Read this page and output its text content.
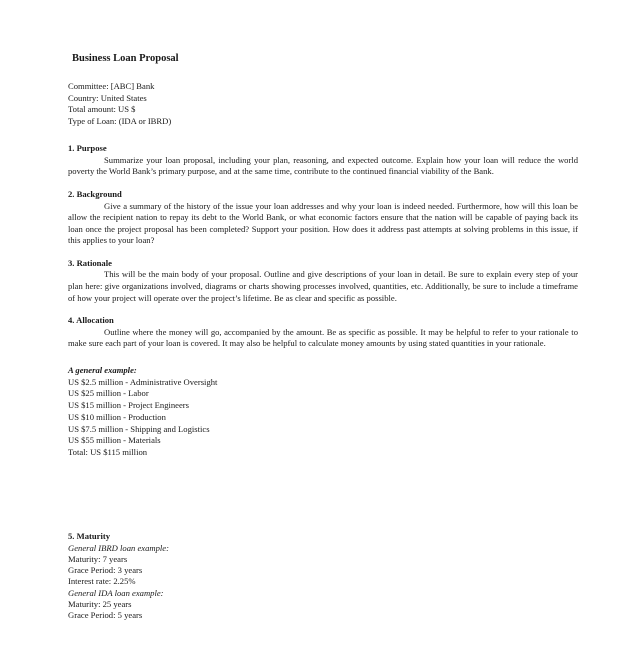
Business Loan Proposal

Committee: [ABC] Bank

Country: United States

Total amount: US $

Type of Loan: (IDA or IBRD)

1. Purpose

Summarize your loan proposal, including your plan, reasoning, and expected outcome. Explain how your loan will reduce the world poverty the World Bank’s primary purpose, and at the same time, contribute to the continued financial viability of the Bank.

2. Background

Give a summary of the history of the issue your loan addresses and why your loan is indeed needed. Furthermore, how will this loan be allow the recipient nation to repay its debt to the World Bank, or what economic factors ensure that the nation will be capable of paying back its loan once the project proposal has been completed? Support your position. How does it address past attempts at solving problems in this issue, if this applies to your loan?

3. Rationale

This will be the main body of your proposal. Outline and give descriptions of your loan in detail. Be sure to explain every step of your plan here: give organizations involved, diagrams or charts showing processes involved, quantities, etc. Additionally, be sure to include a timeframe of how your project will operate over the project’s lifetime. Be as clear and specific as possible.

4. Allocation

Outline where the money will go, accompanied by the amount. Be as specific as possible. It may be helpful to refer to your rationale to make sure each part of your loan is covered. It may also be helpful to calculate money amounts by using stated quantities in your rationale.

A general example:

US $2.5 million - Administrative Oversight

US $25 million - Labor

US $15 million - Project Engineers

US $10 million - Production

US $7.5 million - Shipping and Logistics

US $55 million - Materials

Total: US $115 million

5. Maturity

General IBRD loan example:

Maturity: 7 years

Grace Period: 3 years

Interest rate: 2.25%

General IDA loan example:

Maturity: 25 years

Grace Period: 5 years
